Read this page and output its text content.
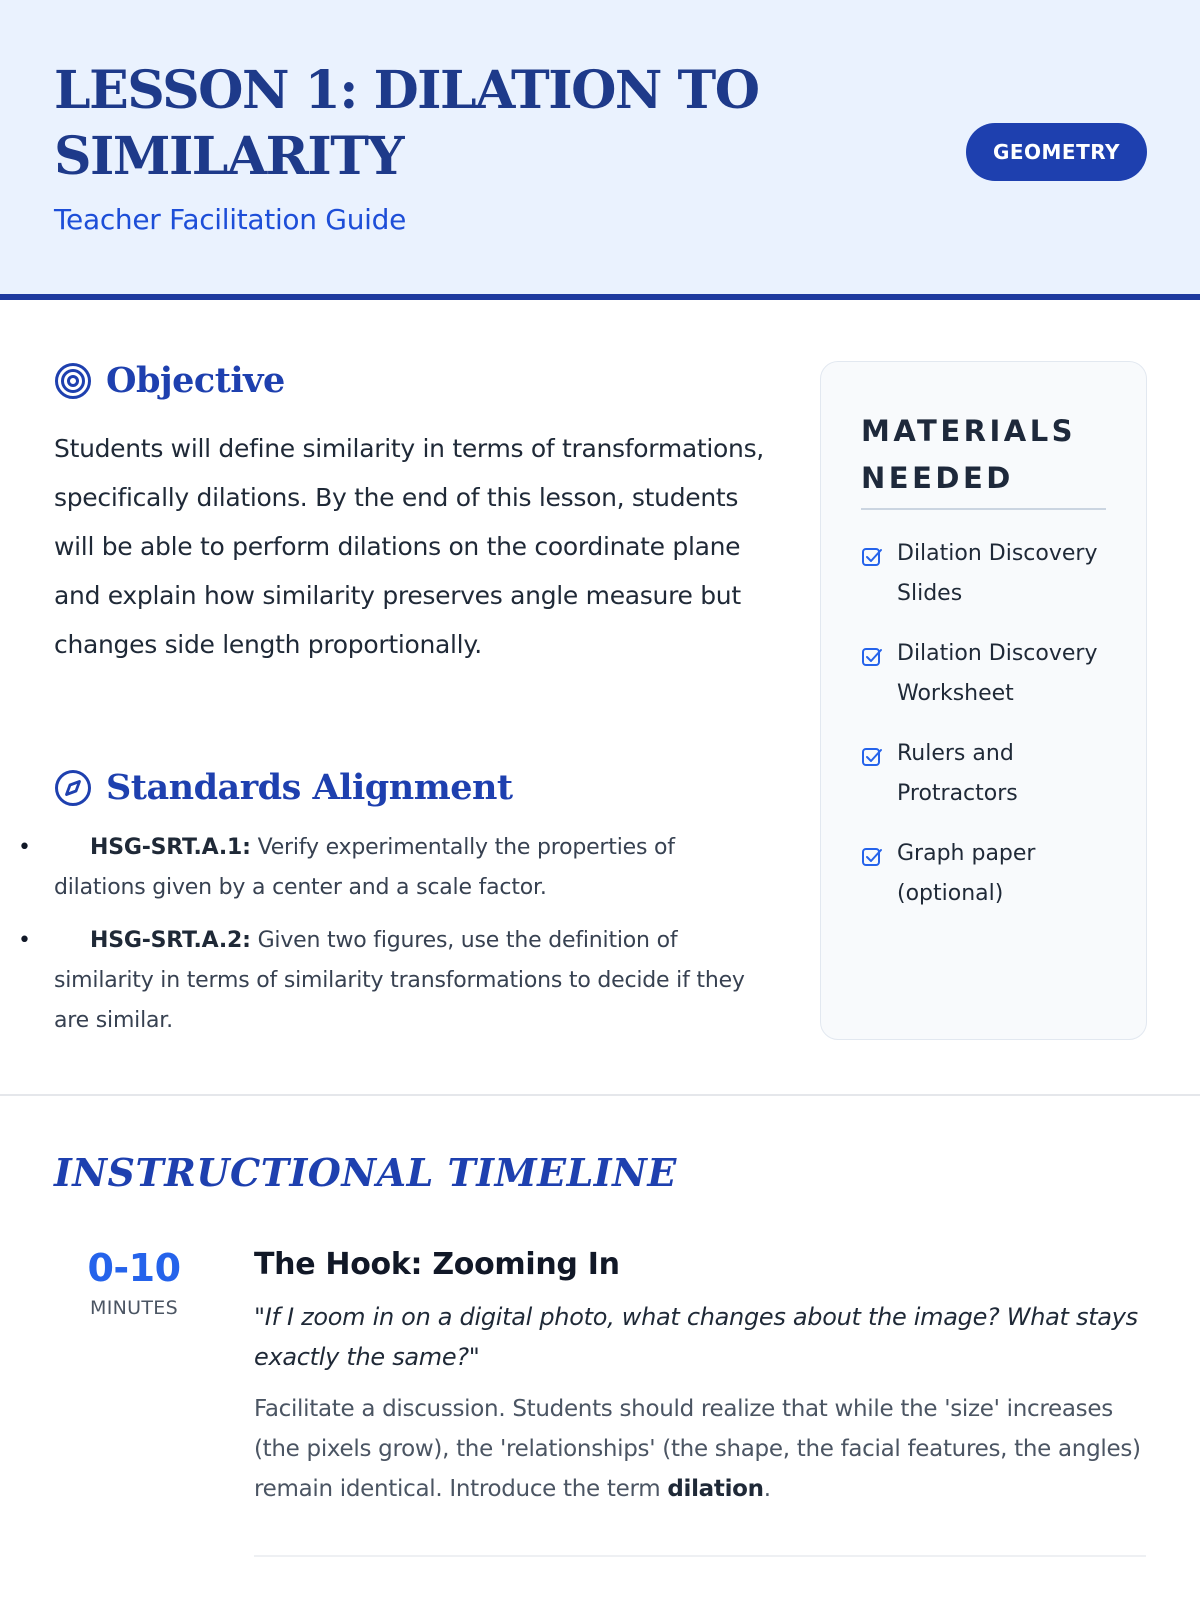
LESSON 1: DILATION TO SIMILARITY
Teacher Facilitation Guide
GEOMETRY
Objective

Students will define similarity in terms of transformations, specifically dilations. By the end of this lesson, students will be able to perform dilations on the coordinate plane and explain how similarity preserves angle measure but changes side length proportionally.

Standards Alignment
• HSG-SRT.A.1: Verify experimentally the properties of dilations given by a center and a scale factor.
• HSG-SRT.A.2: Given two figures, use the definition of similarity in terms of similarity transformations to decide if they are similar.
MATERIALS NEEDED
Dilation Discovery Slides
Dilation Discovery Worksheet
Rulers and Protractors
Graph paper (optional)
INSTRUCTIONAL TIMELINE
0-10
MINUTES
The Hook: Zooming In

"If I zoom in on a digital photo, what changes about the image? What stays exactly the same?"

Facilitate a discussion. Students should realize that while the 'size' increases (the pixels grow), the 'relationships' (the shape, the facial features, the angles) remain identical. Introduce the term dilation.
